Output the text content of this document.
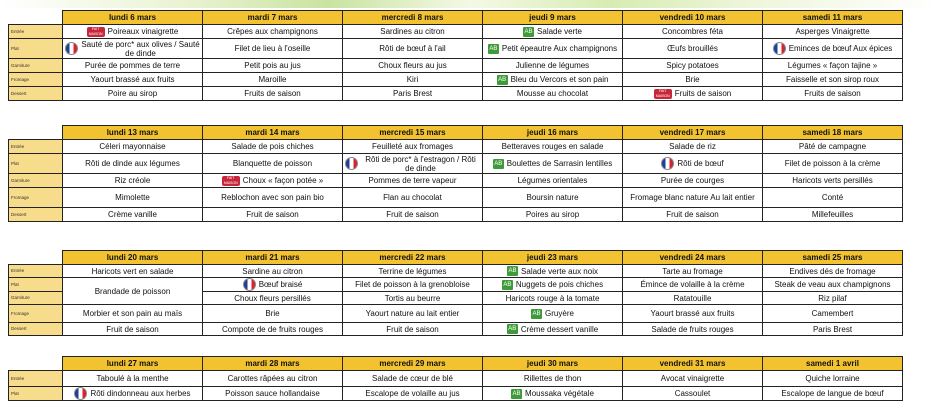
	lundi 6 mars	mardi 7 mars	mercredi 8 mars	jeudi 9 mars	vendredi 10 mars	samedi 11 mars
Entrée	FAIT MAISON Poireaux vinaigrette	Crêpes aux champignons	Sardines au citron	AB Salade verte	Concombres féta	Asperges Vinaigrette

Plat	Sauté de porc* aux olives / Sauté de dinde	Filet de lieu à l'oseille	Rôti de bœuf à l'ail	AB Petit épeautre Aux champignons	Œufs brouillés	Eminces de bœuf Aux épices

Garniture	Purée de pommes de terre	Petit pois au jus	Choux fleurs au jus	Julienne de légumes	Spicy potatoes	Légumes « façon tajine »

Fromage	Yaourt brassé aux fruits	Maroille	Kiri	AB Bleu du Vercors et son pain	Brie	Faisselle et son sirop roux

Dessert	Poire au sirop	Fruits de saison	Paris Brest	Mousse au chocolat	FAIT MAISON Fruits de saison	Fruits de saison
	lundi 13 mars	mardi 14 mars	mercredi 15 mars	jeudi 16 mars	vendredi 17 mars	samedi 18 mars
Entrée	Céleri mayonnaise	Salade de pois chiches	Feuilleté aux fromages	Betteraves rouges en salade	Salade de riz	Pâté de campagne

Plat	Rôti de dinde aux légumes	Blanquette de poisson	Rôti de porc* à l'estragon / Rôti de dinde	AB Boulettes de Sarrasin lentilles	Rôti de bœuf	Filet de poisson à la crème

Garniture	Riz créole	FAIT MAISON Choux « façon potée »	Pommes de terre vapeur	Légumes orientales	Purée de courges	Haricots verts persillés

Fromage	Mimolette	Reblochon avec son pain bio	Flan au chocolat	Boursin nature	Fromage blanc nature Au lait entier	Conté

Dessert	Crème vanille	Fruit de saison	Fruit de saison	Poires au sirop	Fruit de saison	Millefeuilles
	lundi 20 mars	mardi 21 mars	mercredi 22 mars	jeudi 23 mars	vendredi 24 mars	samedi 25 mars
Entrée	Haricots vert en salade	Sardine au citron	Terrine de légumes	AB Salade verte aux noix	Tarte au fromage	Endives dés de fromage

Plat	Brandade de poisson	Bœuf braisé	Filet de poisson à la grenobloise	AB Nuggets de pois chiches	Émince de volaille à la crème	Steak de veau aux champignons

Garniture		Choux fleurs persillés	Tortis au beurre	Haricots rouge à la tomate	Ratatouille	Riz pilaf

Fromage	Morbier et son pain au maïs	Brie	Yaourt nature au lait entier	AB Gruyère	Yaourt brassé aux fruits	Camembert

Dessert	Fruit de saison	Compote de de fruits rouges	Fruit de saison	AB Crème dessert vanille	Salade de fruits rouges	Paris Brest
	lundi 27 mars	mardi 28 mars	mercredi 29 mars	jeudi 30 mars	vendredi 31 mars	samedi 1 avril
Entrée	Taboulé à la menthe	Carottes râpées au citron	Salade de cœur de blé	Rillettes de thon	Avocat vinaigrette	Quiche lorraine

Plat	Rôti dindonneau aux herbes	Poisson sauce hollandaise	Escalope de volaille au jus	AB Moussaka végétale	Cassoulet	Escalope de langue de bœuf
